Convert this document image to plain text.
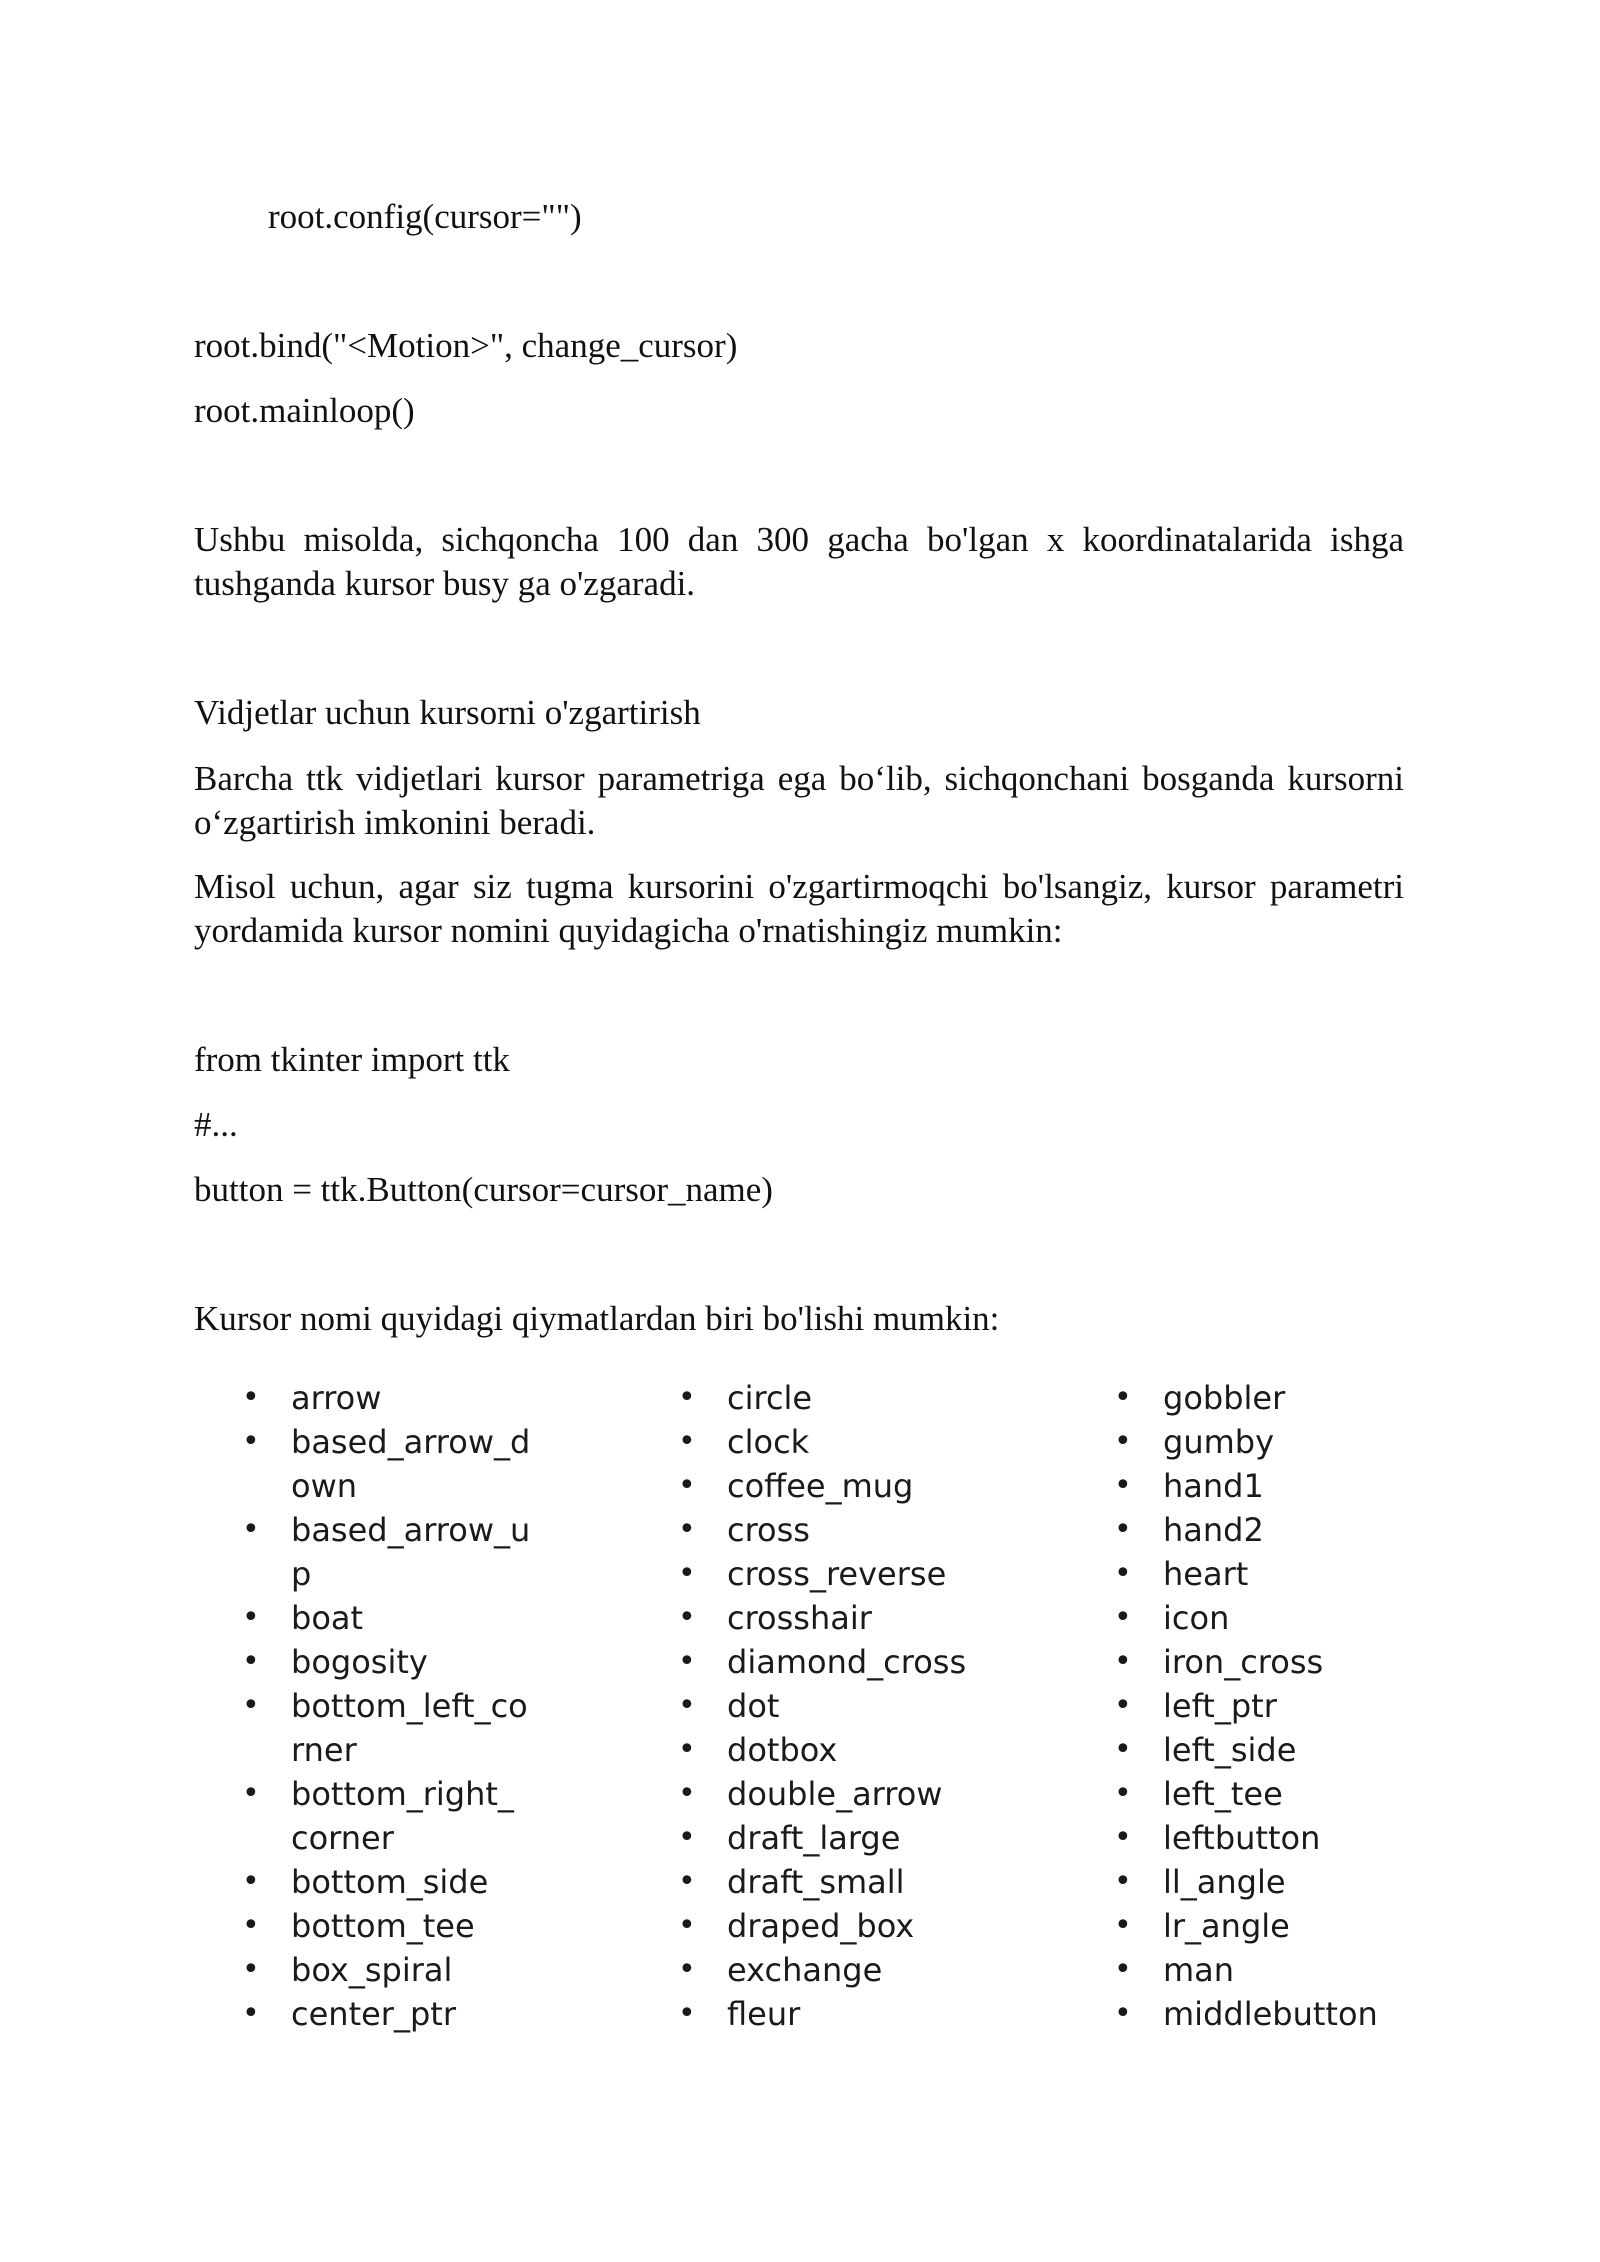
root.config(cursor="")
root.bind("<Motion>", change_cursor)
root.mainloop()
Ushbu misolda, sichqoncha 100 dan 300 gacha bo'lgan x koordinatalarida ishga tushganda kursor busy ga o'zgaradi.
Vidjetlar uchun kursorni o'zgartirish
Barcha ttk vidjetlari kursor parametriga ega bo‘lib, sichqonchani bosganda kursorni o‘zgartirish imkonini beradi.
Misol uchun, agar siz tugma kursorini o'zgartirmoqchi bo'lsangiz, kursor parametri yordamida kursor nomini quyidagicha o'rnatishingiz mumkin:
from tkinter import ttk
#...
button = ttk.Button(cursor=cursor_name)
Kursor nomi quyidagi qiymatlardan biri bo'lishi mumkin:
• arrow
• based_arrow_down
• based_arrow_up
• boat
• bogosity
• bottom_left_corner
• bottom_right_corner
• bottom_side
• bottom_tee
• box_spiral
• center_ptr
• circle
• clock
• coffee_mug
• cross
• cross_reverse
• crosshair
• diamond_cross
• dot
• dotbox
• double_arrow
• draft_large
• draft_small
• draped_box
• exchange
• fleur
• gobbler
• gumby
• hand1
• hand2
• heart
• icon
• iron_cross
• left_ptr
• left_side
• left_tee
• leftbutton
• ll_angle
• lr_angle
• man
• middlebutton
